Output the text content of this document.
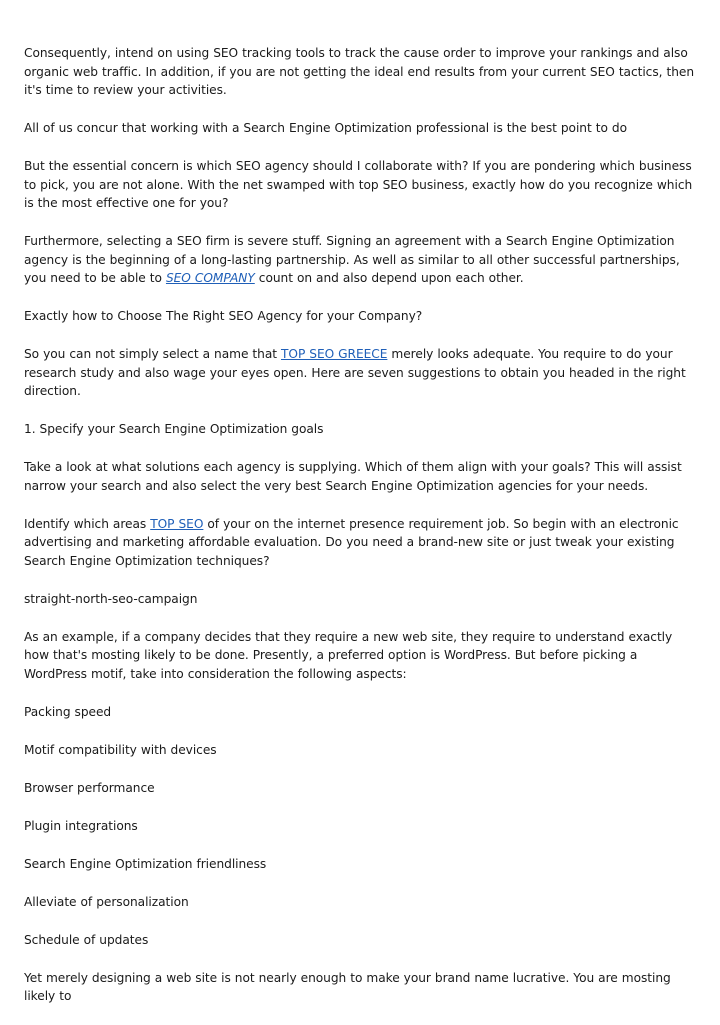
Consequently, intend on using SEO tracking tools to track the cause order to improve your rankings and also organic web traffic. In addition, if you are not getting the ideal end results from your current SEO tactics, then it's time to review your activities.

All of us concur that working with a Search Engine Optimization professional is the best point to do

But the essential concern is which SEO agency should I collaborate with? If you are pondering which business to pick, you are not alone. With the net swamped with top SEO business, exactly how do you recognize which is the most effective one for you?

Furthermore, selecting a SEO firm is severe stuff. Signing an agreement with a Search Engine Optimization agency is the beginning of a long-lasting partnership. As well as similar to all other successful partnerships, you need to be able to SEO COMPANY count on and also depend upon each other.

Exactly how to Choose The Right SEO Agency for your Company?

So you can not simply select a name that TOP SEO GREECE merely looks adequate. You require to do your research study and also wage your eyes open. Here are seven suggestions to obtain you headed in the right direction.

1. Specify your Search Engine Optimization goals

Take a look at what solutions each agency is supplying. Which of them align with your goals? This will assist narrow your search and also select the very best Search Engine Optimization agencies for your needs.

Identify which areas TOP SEO of your on the internet presence requirement job. So begin with an electronic advertising and marketing affordable evaluation. Do you need a brand-new site or just tweak your existing Search Engine Optimization techniques?

straight-north-seo-campaign

As an example, if a company decides that they require a new web site, they require to understand exactly how that's mosting likely to be done. Presently, a preferred option is WordPress. But before picking a WordPress motif, take into consideration the following aspects:

Packing speed

Motif compatibility with devices

Browser performance

Plugin integrations

Search Engine Optimization friendliness

Alleviate of personalization

Schedule of updates

Yet merely designing a web site is not nearly enough to make your brand name lucrative. You are mosting likely to
